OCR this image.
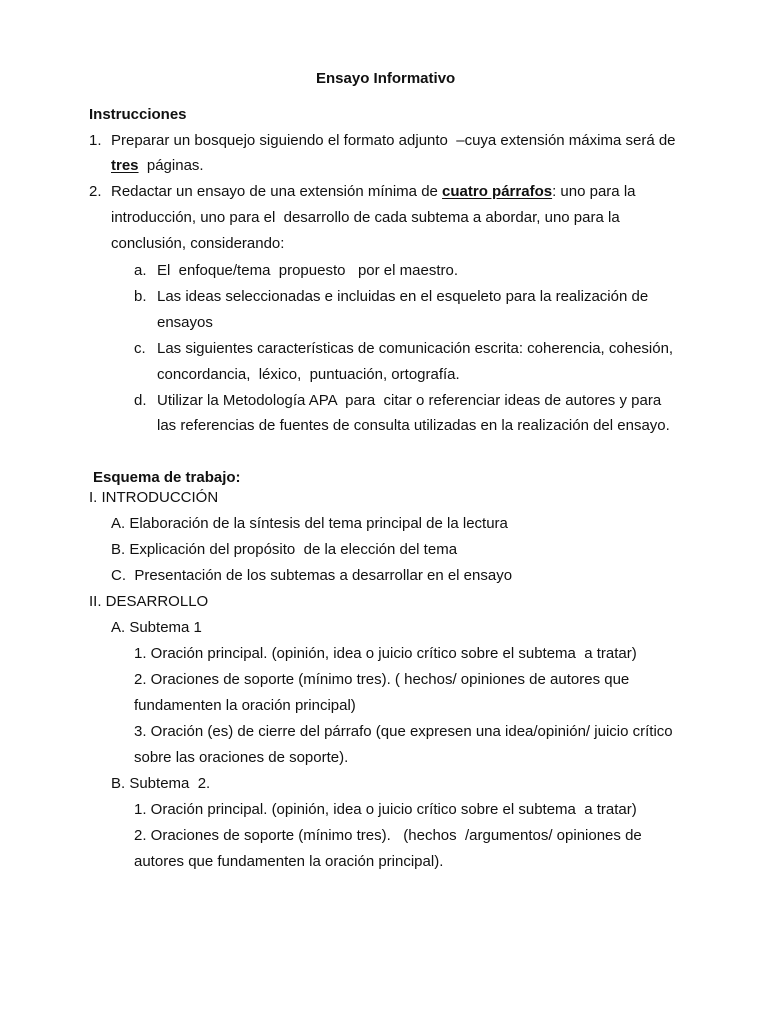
Ensayo Informativo
Instrucciones
1. Preparar un bosquejo siguiendo el formato adjunto  –cuya extensión máxima será de
tres  páginas.
2. Redactar un ensayo de una extensión mínima de cuatro párrafos: uno para la
introducción, uno para el  desarrollo de cada subtema a abordar, uno para la
conclusión, considerando:
a. El  enfoque/tema  propuesto   por el maestro.
b. Las ideas seleccionadas e incluidas en el esqueleto para la realización de
ensayos
c. Las siguientes características de comunicación escrita: coherencia, cohesión,
concordancia,  léxico,  puntuación, ortografía.
d. Utilizar la Metodología APA  para  citar o referenciar ideas de autores y para
las referencias de fuentes de consulta utilizadas en la realización del ensayo.
Esquema de trabajo:
I. INTRODUCCIÓN
A. Elaboración de la síntesis del tema principal de la lectura
B. Explicación del propósito  de la elección del tema
C.  Presentación de los subtemas a desarrollar en el ensayo
II. DESARROLLO
A. Subtema 1
1. Oración principal. (opinión, idea o juicio crítico sobre el subtema  a tratar)
2. Oraciones de soporte (mínimo tres). ( hechos/ opiniones de autores que
fundamenten la oración principal)
3. Oración (es) de cierre del párrafo (que expresen una idea/opinión/ juicio crítico
sobre las oraciones de soporte).
B. Subtema  2.
1. Oración principal. (opinión, idea o juicio crítico sobre el subtema  a tratar)
2. Oraciones de soporte (mínimo tres).   (hechos  /argumentos/ opiniones de
autores que fundamenten la oración principal).
